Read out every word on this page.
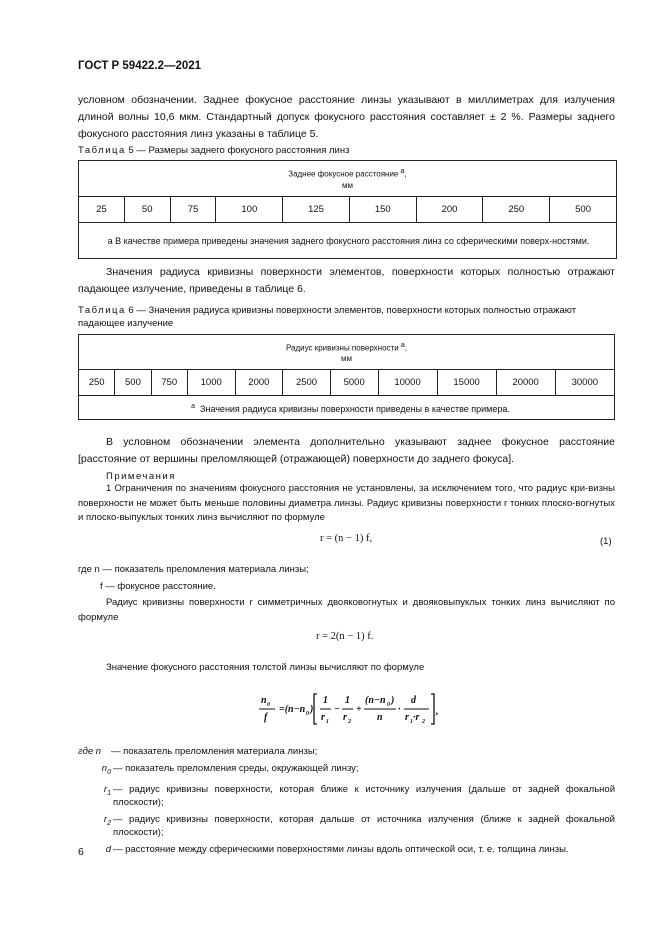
ГОСТ Р 59422.2—2021
условном обозначении. Заднее фокусное расстояние линзы указывают в миллиметрах для излучения длиной волны 10,6 мкм. Стандартный допуск фокусного расстояния составляет ± 2 %. Размеры заднего фокусного расстояния линз указаны в таблице 5.
Таблица 5 — Размеры заднего фокусного расстояния линз
Заднее фокусное расстояние $^a$,
мм
25	50	75	100	125	150	200	250	500
а В качестве примера приведены значения заднего фокусного расстояния линз со сферическими поверх-ностями.
Значения радиуса кривизны поверхности элементов, поверхности которых полностью отражают падающее излучение, приведены в таблице 6.
Таблица 6 — Значения радиуса кривизны поверхности элементов, поверхности которых полностью отражают падающее излучение
Радиус кривизны поверхности $^a$,
мм
250	500	750	1000	2000	2500	5000	10000	15000	20000	30000
$^a$ Значения радиуса кривизны поверхности приведены в качестве примера.
В условном обозначении элемента дополнительно указывают заднее фокусное расстояние [расстояние от вершины преломляющей (отражающей) поверхности до заднего фокуса].
Примечания
1 Ограничения по значениям фокусного расстояния не установлены, за исключением того, что радиус кри-визны поверхности не может быть меньше половины диаметра линзы. Радиус кривизны поверхности r тонких плоско-вогнутых и плоско-выпуклых тонких линз вычисляют по формуле
r = (n − 1) f,	(1)
где n — показатель преломления материала линзы;
f — фокусное расстояние.
Радиус кривизны поверхности r симметричных двояковогнутых и двояковыпуклых тонких линз вычисляют по формуле
r = 2(n − 1) f.
Значение фокусного расстояния толстой линзы вычисляют по формуле
n 0
f
=(n−n 0 )
1
r 1
−
1
r 2
+
(n−n 0 )
n
·
d
r 1 ·r 2
,
где n	— показатель преломления материала линзы;
$n_0$ — показатель преломления среды, окружающей линзу;
$r_1$ — радиус кривизны поверхности, которая ближе к источнику излучения (дальше от задней фокальной плоскости);
$r_2$ — радиус кривизны поверхности, которая дальше от источника излучения (ближе к задней фокальной плоскости);
d — расстояние между сферическими поверхностями линзы вдоль оптической оси, т. е. толщина линзы.
6
